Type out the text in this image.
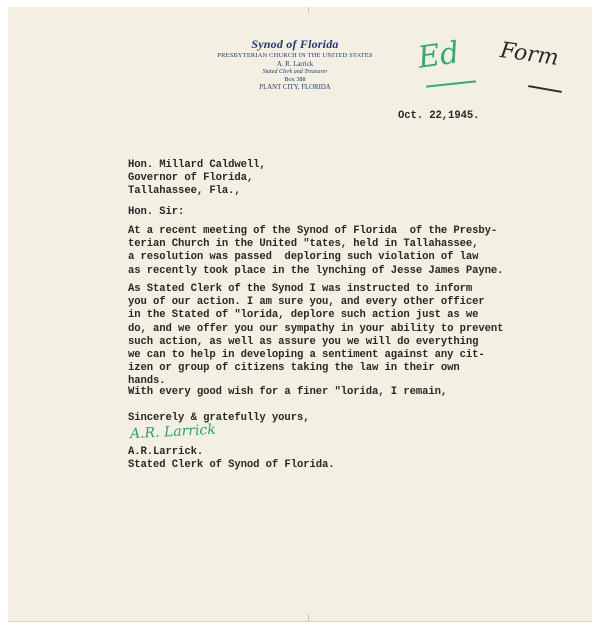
Synod of Florida
PRESBYTERIAN CHURCH IN THE UNITED STATES
A. R. Larrick
Stated Clerk and Treasurer
Box 388
PLANT CITY, FLORIDA
Ed Form
Oct. 22,1945.
Hon. Millard Caldwell,
Governor of Florida,
Tallahassee, Fla.,
Hon. Sir:
At a recent meeting of the Synod of Florida  of the Presby-
terian Church in the United "tates, held in Tallahassee,
a resolution was passed  deploring such violation of law
as recently took place in the lynching of Jesse James Payne.
As Stated Clerk of the Synod I was instructed to inform
you of our action. I am sure you, and every other officer
in the Stated of "lorida, deplore such action just as we
do, and we offer you our sympathy in your ability to prevent
such action, as well as assure you we will do everything
we can to help in developing a sentiment against any cit-
izen or group of citizens taking the law in their own
hands.
With every good wish for a finer "lorida, I remain,
Sincerely & gratefully yours,
A.R. Larrick
A.R.Larrick.
Stated Clerk of Synod of Florida.
